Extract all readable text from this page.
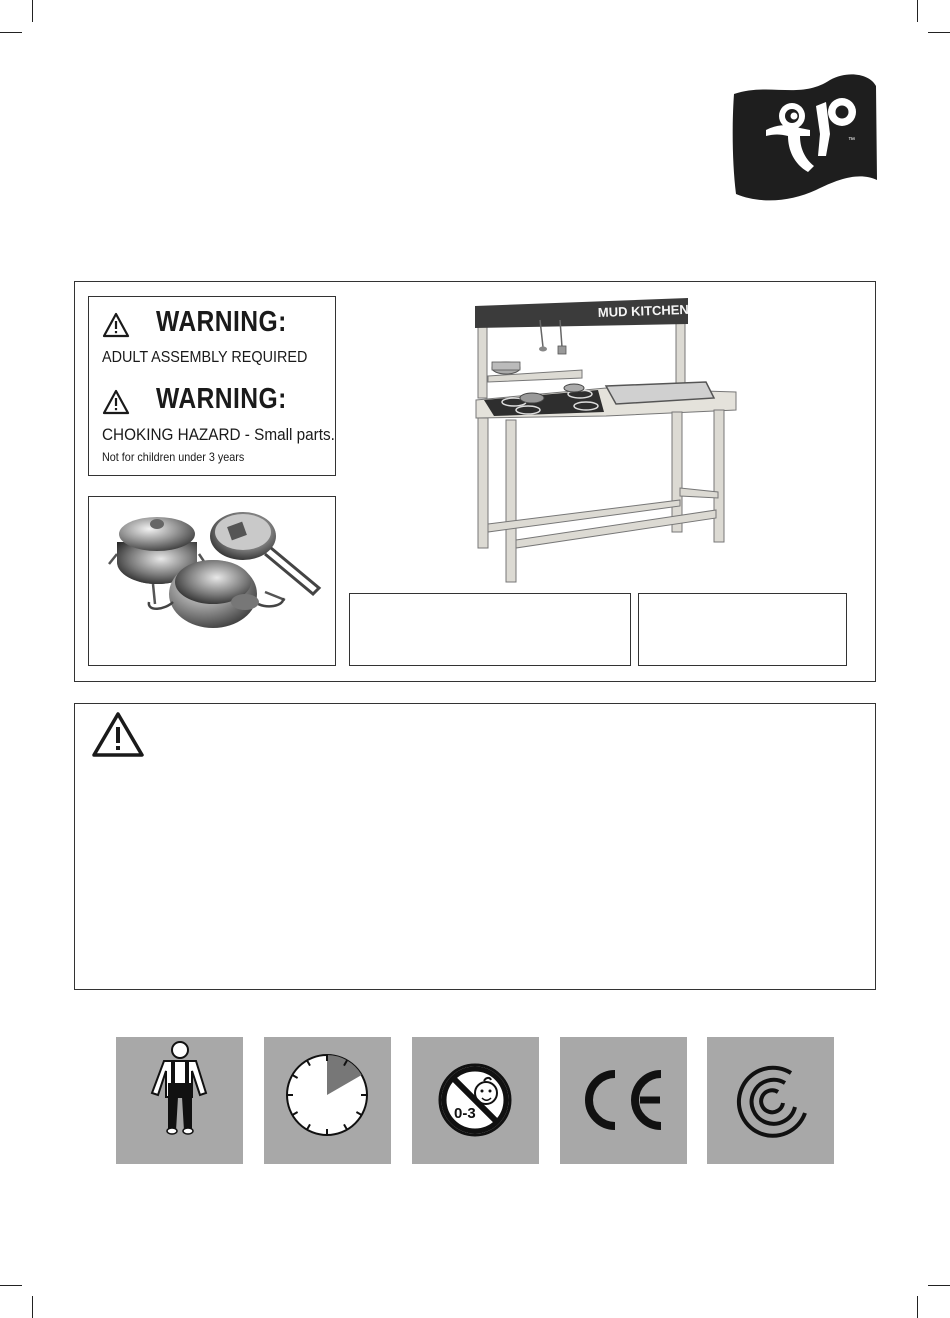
™
WARNING:
ADULT ASSEMBLY REQUIRED
WARNING:
CHOKING HAZARD - Small parts.
Not for children under 3 years
MUD KITCHEN
0-3
